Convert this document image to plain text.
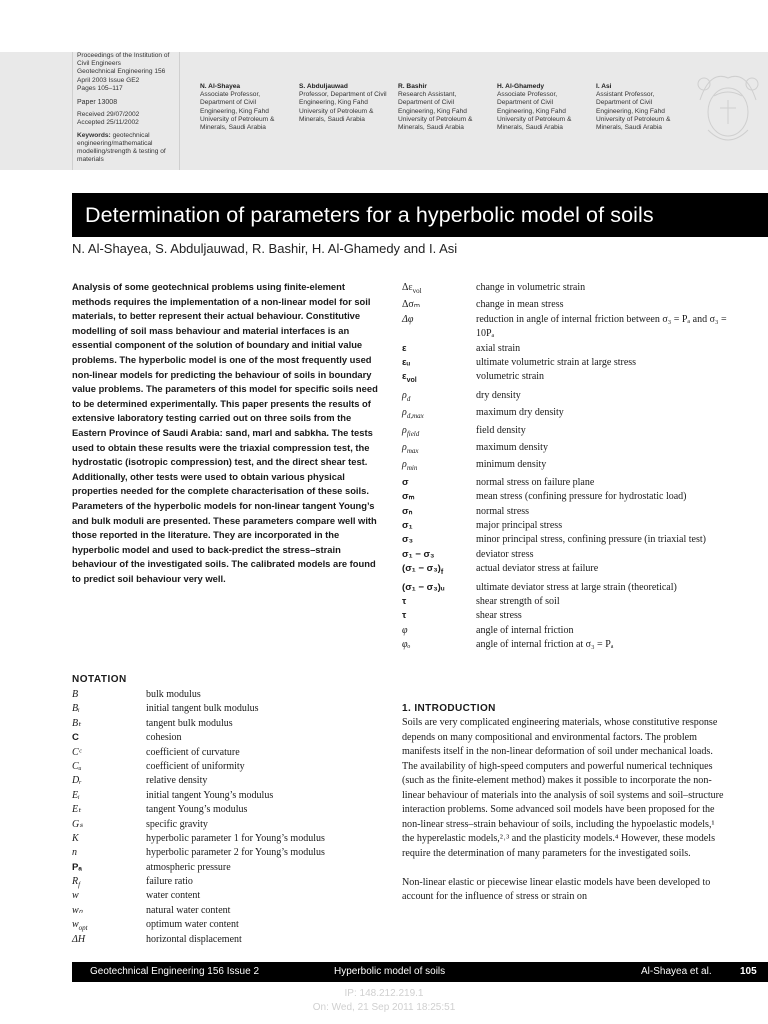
Proceedings of the Institution of
Civil Engineers
Geotechnical Engineering 156
April 2003 Issue GE2
Pages 105–117
Paper 13008
Received 29/07/2002
Accepted 25/11/2002
Keywords: geotechnical engineering/mathematical modelling/strength & testing of materials
N. Al-Shayea
Associate Professor, Department of Civil Engineering, King Fahd University of Petroleum & Minerals, Saudi Arabia
S. Abduljauwad
Professor, Department of Civil Engineering, King Fahd University of Petroleum & Minerals, Saudi Arabia
R. Bashir
Research Assistant, Department of Civil Engineering, King Fahd University of Petroleum & Minerals, Saudi Arabia
H. Al-Ghamedy
Associate Professor, Department of Civil Engineering, King Fahd University of Petroleum & Minerals, Saudi Arabia
I. Asi
Assistant Professor, Department of Civil Engineering, King Fahd University of Petroleum & Minerals, Saudi Arabia
Determination of parameters for a hyperbolic model of soils
N. Al-Shayea, S. Abduljauwad, R. Bashir, H. Al-Ghamedy and I. Asi
Analysis of some geotechnical problems using finite-element methods requires the implementation of a non-linear model for soil materials, to better represent their actual behaviour. Constitutive modelling of soil mass behaviour and material interfaces is an essential component of the solution of boundary and initial value problems. The hyperbolic model is one of the most frequently used non-linear models for predicting the behaviour of soils in boundary value problems. The parameters of this model for specific soils need to be determined experimentally. This paper presents the results of extensive laboratory testing carried out on three soils from the Eastern Province of Saudi Arabia: sand, marl and sabkha. The tests used to obtain these results were the triaxial compression test, the hydrostatic (isotropic compression) test, and the direct shear test. Additionally, other tests were used to obtain various physical properties needed for the complete characterisation of these soils. Parameters of the hyperbolic models for non-linear tangent Young’s and bulk moduli are presented. These parameters compare well with those reported in the literature. They are incorporated in the hyperbolic model and used to back-predict the stress–strain behaviour of the investigated soils. The calibrated models are found to predict soil behaviour very well.
NOTATION
B	bulk modulus
Bᵢ	initial tangent bulk modulus
Bₜ	tangent bulk modulus
C	cohesion
Cᶜ	coefficient of curvature
Cᵤ	coefficient of uniformity
Dᵣ	relative density
Eᵢ	initial tangent Young’s modulus
Eₜ	tangent Young’s modulus
Gₛ	specific gravity
K	hyperbolic parameter 1 for Young’s modulus
n	hyperbolic parameter 2 for Young’s modulus
Pₐ	atmospheric pressure
$R_f$	failure ratio
w	water content
wₙ	natural water content
$w_{opt}$	optimum water content
ΔH	horizontal displacement
$\Delta\varepsilon_{vol}$	change in volumetric strain
Δσₘ	change in mean stress
Δφ	reduction in angle of internal friction between σ₃ = Pₐ and σ₃ = 10Pₐ
ε	axial strain
εᵤ	ultimate volumetric strain at large stress
$\varepsilon_{vol}$	volumetric strain
$\rho_d$	dry density
$\rho_{d,max}$	maximum dry density
$\rho_{field}$	field density
$\rho_{max}$	maximum density
$\rho_{min}$	minimum density
σ	normal stress on failure plane
σₘ	mean stress (confining pressure for hydrostatic load)
σₙ	normal stress
σ₁	major principal stress
σ₃	minor principal stress, confining pressure (in triaxial test)
σ₁ − σ₃	deviator stress
$(\sigma_1 - \sigma_3)_f$	actual deviator stress at failure
(σ₁ − σ₃)ᵤ	ultimate deviator stress at large strain (theoretical)
τ	shear strength of soil
τ	shear stress
φ	angle of internal friction
φₒ	angle of internal friction at σ₃ = Pₐ
1. INTRODUCTION

Soils are very complicated engineering materials, whose constitutive response depends on many compositional and environmental factors. The problem manifests itself in the non-linear deformation of soil under mechanical loads. The availability of high-speed computers and powerful numerical techniques (such as the finite-element method) makes it possible to incorporate the non-linear behaviour of materials into the analysis of soil systems and soil–structure interaction problems. Some advanced soil models have been proposed for the non-linear stress–strain behaviour of soils, including the hypoelastic models,¹ the hyperelastic models,²˒³ and the plasticity models.⁴ However, these models require the determination of many parameters for the investigated soils.

Non-linear elastic or piecewise linear elastic models have been developed to account for the influence of stress or strain on

Geotechnical Engineering 156 Issue 2	Hyperbolic model of soils	Al-Shayea et al.	105
IP: 148.212.219.1
On: Wed, 21 Sep 2011 18:25:51
